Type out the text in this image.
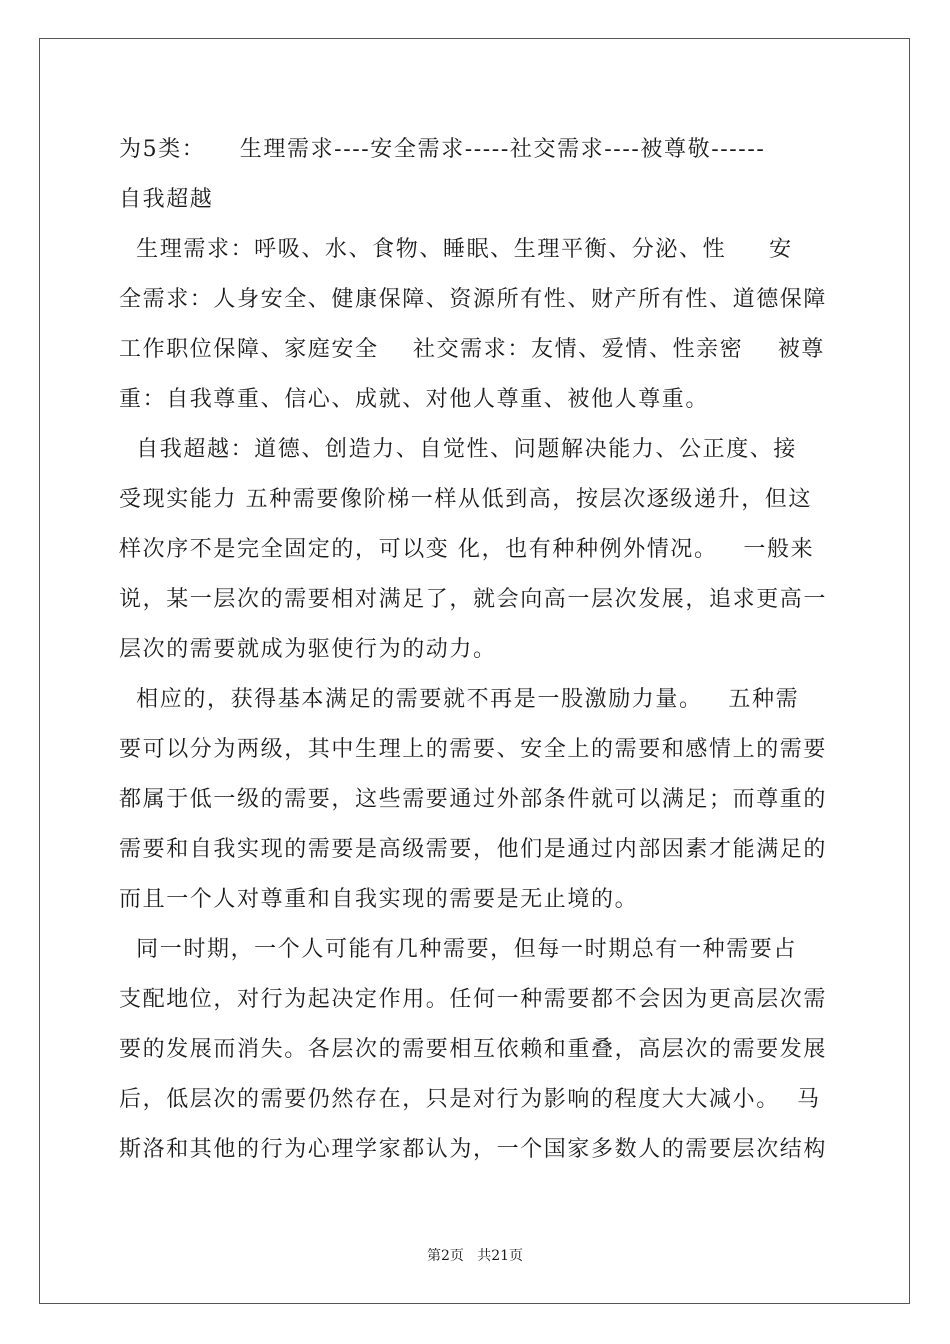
为5类：    生理需求----安全需求-----社交需求----被尊敬------
自我超越
生理需求：呼吸、水、食物、睡眠、生理平衡、分泌、性     安
全需求：人身安全、健康保障、资源所有性、财产所有性、道德保障
工作职位保障、家庭安全    社交需求：友情、爱情、性亲密    被尊
重：自我尊重、信心、成就、对他人尊重、被他人尊重。
自我超越：道德、创造力、自觉性、问题解决能力、公正度、接
受现实能力 五种需要像阶梯一样从低到高，按层次逐级递升，但这
样次序不是完全固定的，可以变 化，也有种种例外情况。   一般来
说，某一层次的需要相对满足了，就会向高一层次发展，追求更高一
层次的需要就成为驱使行为的动力。
相应的，获得基本满足的需要就不再是一股激励力量。   五种需
要可以分为两级，其中生理上的需要、安全上的需要和感情上的需要
都属于低一级的需要，这些需要通过外部条件就可以满足；而尊重的
需要和自我实现的需要是高级需要，他们是通过内部因素才能满足的
而且一个人对尊重和自我实现的需要是无止境的。
同一时期，一个人可能有几种需要，但每一时期总有一种需要占
支配地位，对行为起决定作用。任何一种需要都不会因为更高层次需
要的发展而消失。各层次的需要相互依赖和重叠，高层次的需要发展
后，低层次的需要仍然存在，只是对行为影响的程度大大减小。  马
斯洛和其他的行为心理学家都认为，一个国家多数人的需要层次结构
第2页   共21页
